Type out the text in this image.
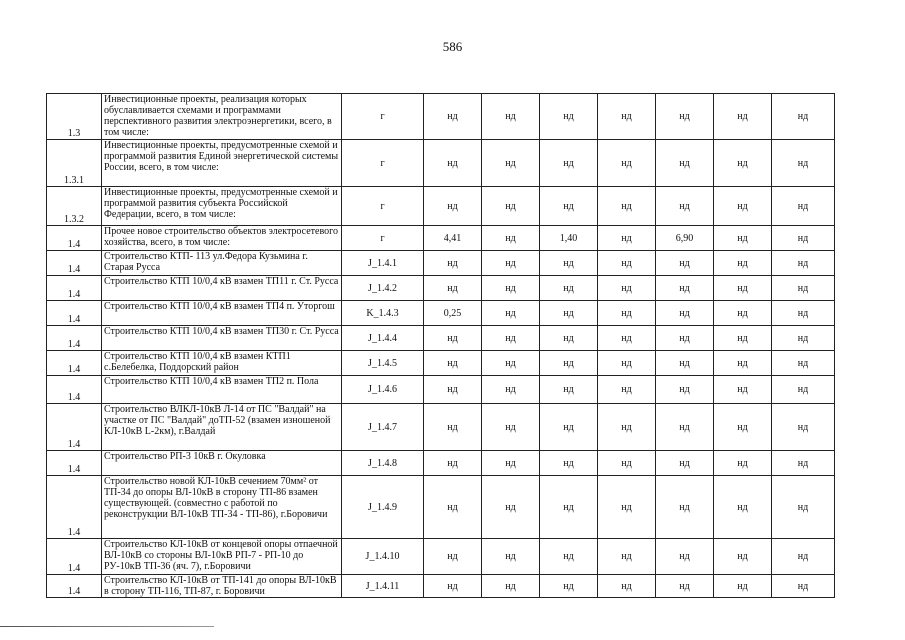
586
1.3	Инвестиционные проекты, реализация которых обуславливается схемами и программами перспективного развития электроэнергетики, всего, в том числе:	г	нд	нд	нд	нд	нд	нд	нд
1.3.1	Инвестиционные проекты, предусмотренные схемой и программой развития Единой энергетической системы России, всего, в том числе:	г	нд	нд	нд	нд	нд	нд	нд
1.3.2	Инвестиционные проекты, предусмотренные схемой и программой развития субъекта Российской Федерации, всего, в том числе:	г	нд	нд	нд	нд	нд	нд	нд
1.4	Прочее новое строительство объектов электросетевого хозяйства, всего, в том числе:	г	4,41	нд	1,40	нд	6,90	нд	нд
1.4	Строительство КТП- 113 ул.Федора Кузьмина г. Старая Русса	J_1.4.1	нд	нд	нд	нд	нд	нд	нд
1.4	Строительство КТП 10/0,4 кВ взамен ТП11 г. Ст. Русса	J_1.4.2	нд	нд	нд	нд	нд	нд	нд
1.4	Строительство КТП 10/0,4 кВ взамен ТП4 п. Уторгош	K_1.4.3	0,25	нд	нд	нд	нд	нд	нд
1.4	Строительство КТП 10/0,4 кВ взамен ТП30 г. Ст. Русса	J_1.4.4	нд	нд	нд	нд	нд	нд	нд
1.4	Строительство КТП 10/0,4 кВ взамен КТП1 с.Белебелка, Поддорский район	J_1.4.5	нд	нд	нд	нд	нд	нд	нд
1.4	Строительство КТП 10/0,4 кВ взамен ТП2 п. Пола	J_1.4.6	нд	нд	нд	нд	нд	нд	нд
1.4	Строительство ВЛКЛ-10кВ Л-14 от ПС "Валдай" на участке от ПС "Валдай" доТП-52 (взамен изношеной КЛ-10кВ L-2км), г.Валдай	J_1.4.7	нд	нд	нд	нд	нд	нд	нд
1.4	Строительство РП-3 10кВ г. Окуловка	J_1.4.8	нд	нд	нд	нд	нд	нд	нд
1.4	Строительство новой КЛ-10кВ сечением 70мм² от ТП-34 до опоры ВЛ-10кВ в сторону ТП-86 взамен существующей. (совместно с работой по реконструкции ВЛ-10кВ ТП-34 - ТП-86), г.Боровичи	J_1.4.9	нд	нд	нд	нд	нд	нд	нд
1.4	Строительство КЛ-10кВ от концевой опоры отпаечной ВЛ-10кВ со стороны ВЛ-10кВ РП-7 - РП-10 до РУ-10кВ ТП-36 (яч. 7), г.Боровичи	J_1.4.10	нд	нд	нд	нд	нд	нд	нд
1.4	Строительство КЛ-10кВ от ТП-141 до опоры ВЛ-10кВ в сторону ТП-116, ТП-87, г. Боровичи	J_1.4.11	нд	нд	нд	нд	нд	нд	нд
